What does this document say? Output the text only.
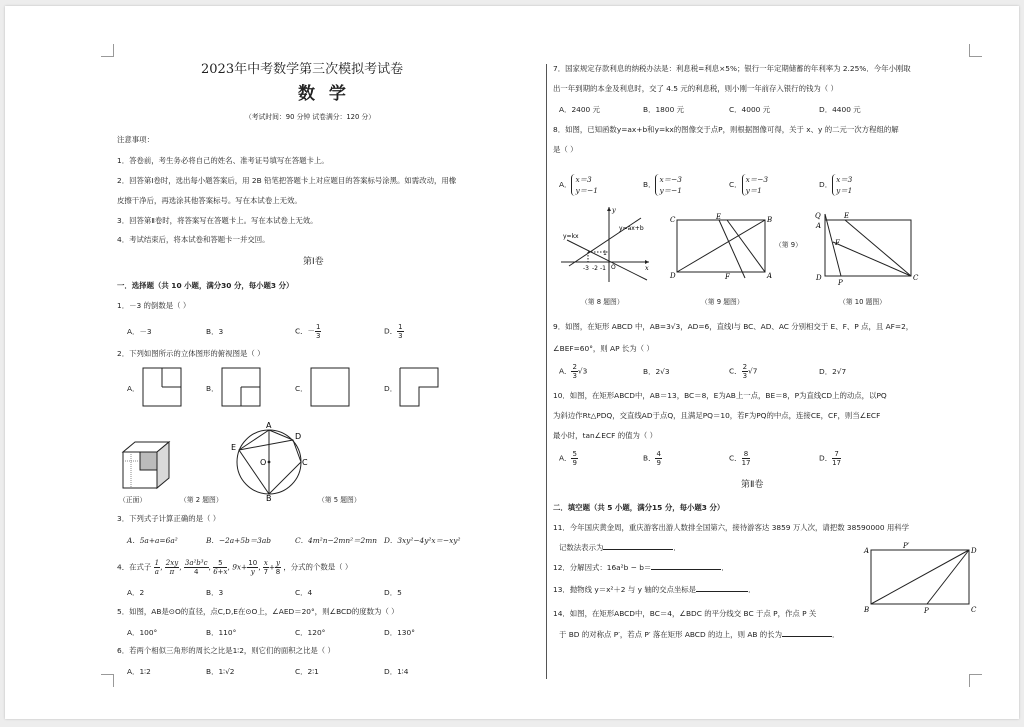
2023年中考数学第三次模拟考试卷
数 学
（考试时间：90 分钟 试卷满分：120 分）
注意事项：
1．答卷前，考生务必将自己的姓名、准考证号填写在答题卡上。
2．回答第Ⅰ卷时，选出每小题答案后，用 2B 铅笔把答题卡上对应题目的答案标号涂黑。如需改动，用橡
皮擦干净后，再选涂其他答案标号。写在本试卷上无效。
3．回答第Ⅱ卷时，将答案写在答题卡上。写在本试卷上无效。
4．考试结束后，将本试卷和答题卡一并交回。
第Ⅰ卷
一．选择题（共 10 小题，满分30 分，每小题3 分）
1．－3 的倒数是（ ）
A．－3	B．3	C．－ $\frac{1}{3}$	D． $\frac{1}{3}$
2．下列如图所示的立体图形的俯视图是（ ）
A．	B．	C．	D．
（正面）	（第 2 题图）
A
B
C
D
E
O
（第 5 题图）
3．下列式子计算正确的是（ ）
A．5a+a=6a²	B．−2a+5b＝3ab	C．4m²n−2mn²＝2mn D．3xy²−4y²x＝−xy²
4．在式子 $\frac{1}{a}$ , $\frac{2xy}{\pi}$ , $\frac{\text{3a²b³c}}{4}$ , $\frac{5}{6+x}$ , $9x+ \frac{10}{y}$ , $\frac{x}{7} + \frac{y}{8}$ ，分式的个数是（ ）
A．2	B．3	C．4	D．5
5．如图，AB是⊙O的直径，点C,D,E在⊙O上，∠AED＝20°，则∠BCD的度数为（ ）
A．100°	B．110°	C．120°	D．130°
6．若两个相似三角形的周长之比是1∶2，则它们的面积之比是（ ）
A．1∶2	B．1∶√2	C．2∶1	D．1∶4
7．国家规定存款利息的纳税办法是：利息税=利息×5%；银行一年定期储蓄的年利率为 2.25%．今年小刚取
出一年到期的本金及利息时，交了 4.5 元的利息税，则小刚一年前存入银行的钱为（ ）
A．2400 元	B．1800 元	C．4000 元	D．4400 元
8．如图，已知函数y=ax+b和y=kx的图像交于点P，则根据图像可得，关于 x、y 的二元一次方程组的解
是（ ）
A．
x＝3
y＝−1
B．
x＝−3
y＝−1
C．
x＝−3
y＝1
D．
x＝3
y＝1
y
x
O
y=kx
y=ax+b
-3 -2 -1
1
（第 8 题图）
C	E	B
D	F	A
（第 9）
（第 9 题图）
Q
A
E
D
P
C
F
（第 10 题图）
9．如图，在矩形 ABCD 中，AB=3√3，AD=6，直线l与 BC、AD、AC 分别相交于 E、F、P 点，且 AF=2，
∠BEF=60°，则 AP 长为（ ）
A． $\frac{2}{3} √3$	B．2√3	C． $\frac{2}{3} √7$	D．2√7
10．如图，在矩形ABCD中，AB＝13，BC＝8，E为AB上一点，BE＝8，P为直线CD上的动点，以PQ
为斜边作Rt△PDQ，交直线AD于点Q，且满足PQ＝10，若F为PQ的中点，连接CE，CF，则当∠ECF
最小时，tan∠ECF 的值为（ ）
A． $\frac{5}{9}$	B． $\frac{4}{9}$	C． $\frac{8}{17}$	D． $\frac{7}{17}$
第Ⅱ卷
二．填空题（共 5 小题，满分15 分，每小题3 分）
11．今年国庆黄金周，重庆游客出游人数排全国第六，接待游客达 3859 万人次，请把数 38590000 用科学
记数法表示为	．
12．分解因式：16a²b − b＝	．
13．抛物线 y＝x²＋2 与 y 轴的交点坐标是	．
14．如图，在矩形ABCD中，BC＝4，∠BDC 的平分线交 BC 于点 P，作点 P 关
于 BD 的对称点 P′，若点 P′ 落在矩形 ABCD 的边上，则 AB 的长为	．
A
P′
D
B	P	C
